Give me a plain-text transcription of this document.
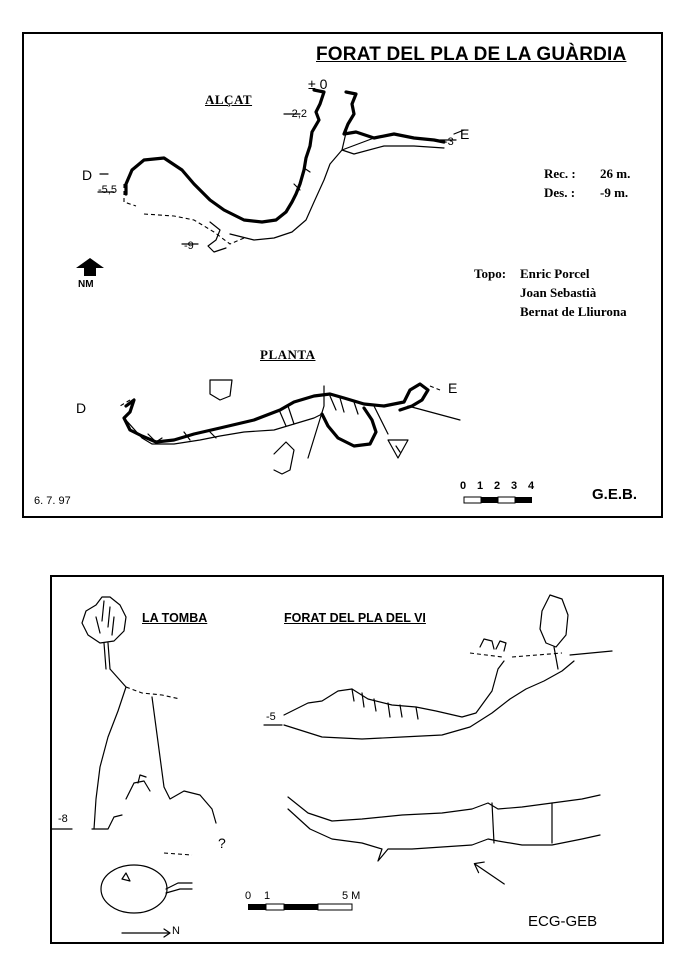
FORAT DEL PLA DE LA GUÀRDIA
ALÇAT
PLANTA
± 0
-2,2
D
-5,5
-9
-3 E
Rec. : 26 m.
Des. : -9 m.
NM
Topo: Enric Porcel
Joan Sebastià
Bernat de Lliurona
D
E
0 1 2 3 4
6. 7. 97	G.E.B.
LA TOMBA	FORAT DEL PLA DEL VI
-8
-5
?
N
0 1	5 M
ECG-GEB
